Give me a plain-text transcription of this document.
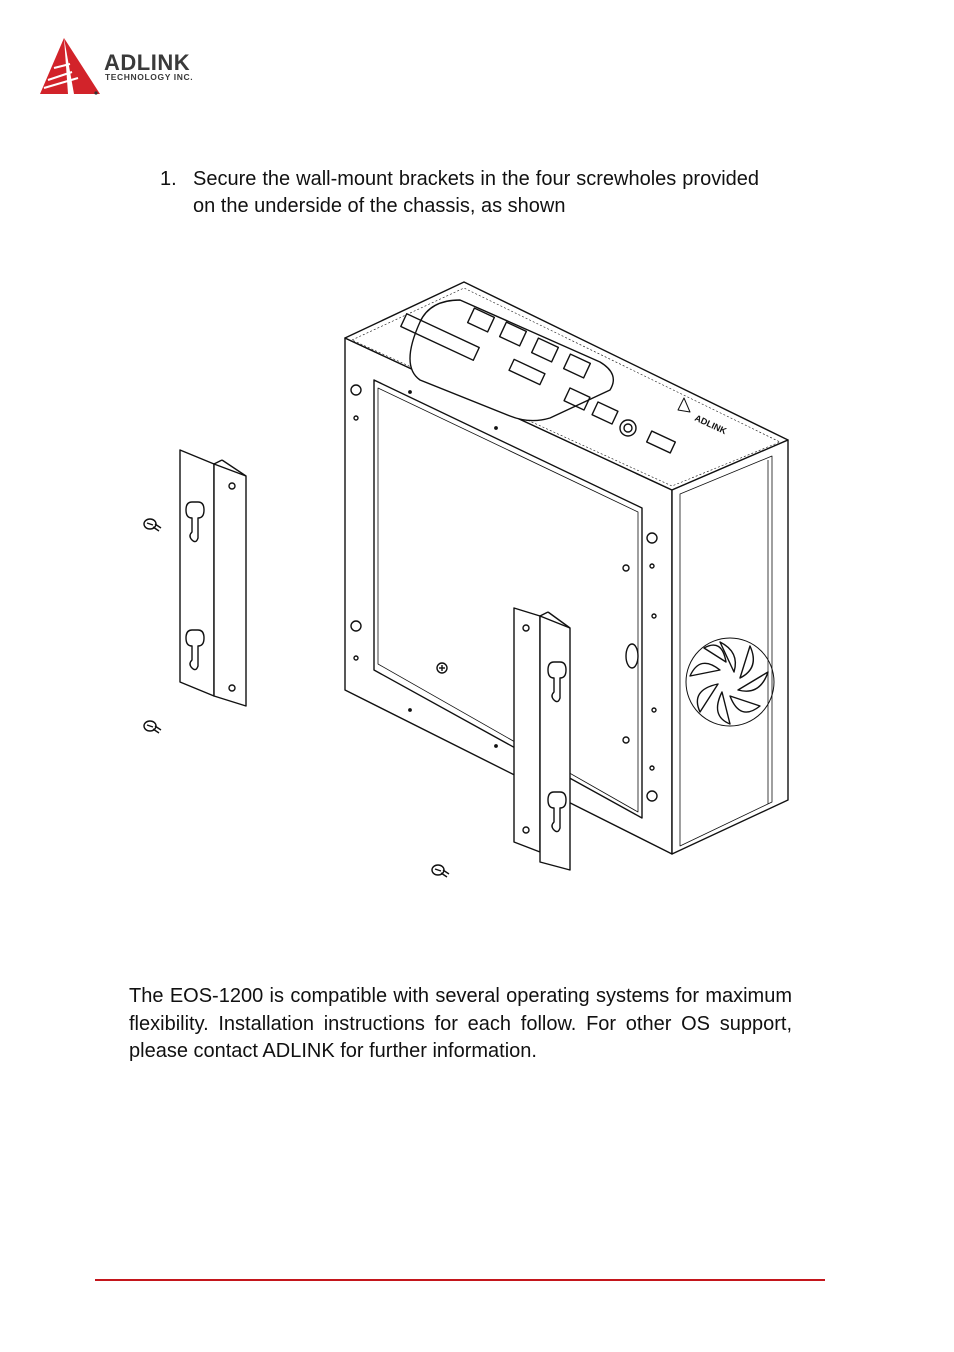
ADLINK
TECHNOLOGY INC.
1. Secure the wall-mount brackets in the four screwholes provided on the underside of the chassis, as shown
ADLINK
The EOS-1200 is compatible with several operating systems for maximum flexibility. Installation instructions for each follow. For other OS support, please contact ADLINK for further information.
